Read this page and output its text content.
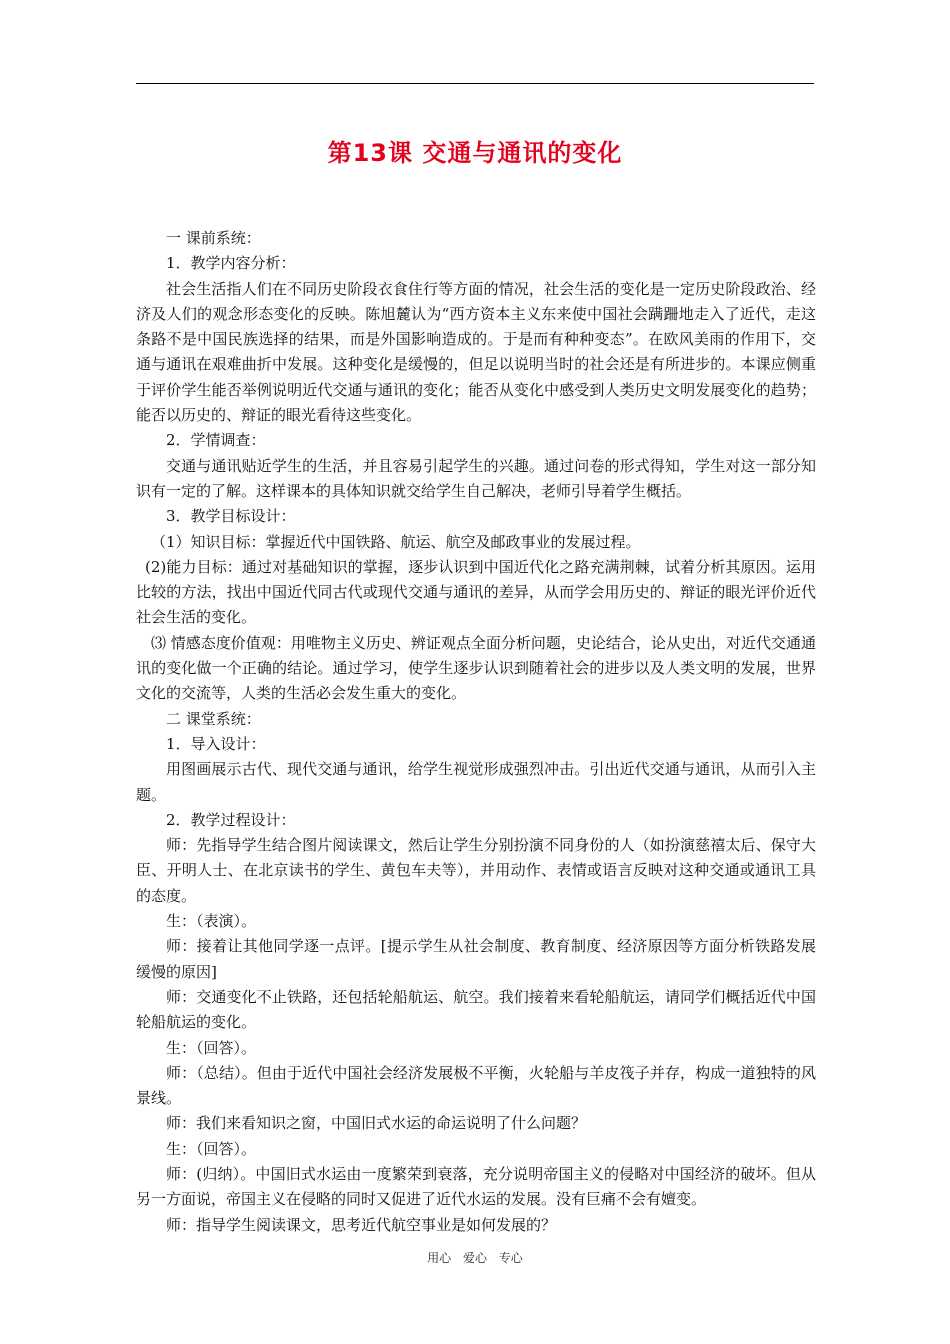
第13课 交通与通讯的变化

一 课前系统：

1．教学内容分析：

社会生活指人们在不同历史阶段衣食住行等方面的情况，社会生活的变化是一定历史阶段政治、经济及人们的观念形态变化的反映。陈旭麓认为“西方资本主义东来使中国社会蹒跚地走入了近代，走这条路不是中国民族选择的结果，而是外国影响造成的。于是而有种种变态”。在欧风美雨的作用下，交通与通讯在艰难曲折中发展。这种变化是缓慢的，但足以说明当时的社会还是有所进步的。本课应侧重于评价学生能否举例说明近代交通与通讯的变化；能否从变化中感受到人类历史文明发展变化的趋势；能否以历史的、辩证的眼光看待这些变化。

2．学情调查：

交通与通讯贴近学生的生活，并且容易引起学生的兴趣。通过问卷的形式得知，学生对这一部分知识有一定的了解。这样课本的具体知识就交给学生自己解决，老师引导着学生概括。

3．教学目标设计：

（1）知识目标：掌握近代中国铁路、航运、航空及邮政事业的发展过程。

(2)能力目标：通过对基础知识的掌握，逐步认识到中国近代化之路充满荆棘，试着分析其原因。运用比较的方法，找出中国近代同古代或现代交通与通讯的差异，从而学会用历史的、辩证的眼光评价近代社会生活的变化。

⑶ 情感态度价值观：用唯物主义历史、辨证观点全面分析问题，史论结合，论从史出，对近代交通通讯的变化做一个正确的结论。通过学习，使学生逐步认识到随着社会的进步以及人类文明的发展，世界文化的交流等，人类的生活必会发生重大的变化。

二 课堂系统：

1．导入设计：

用图画展示古代、现代交通与通讯，给学生视觉形成强烈冲击。引出近代交通与通讯，从而引入主题。

2．教学过程设计：

师：先指导学生结合图片阅读课文，然后让学生分别扮演不同身份的人（如扮演慈禧太后、保守大臣、开明人士、在北京读书的学生、黄包车夫等），并用动作、表情或语言反映对这种交通或通讯工具的态度。

生：（表演）。

师：接着让其他同学逐一点评。[提示学生从社会制度、教育制度、经济原因等方面分析铁路发展缓慢的原因]

师：交通变化不止铁路，还包括轮船航运、航空。我们接着来看轮船航运，请同学们概括近代中国轮船航运的变化。

生：（回答）。

师：（总结）。但由于近代中国社会经济发展极不平衡，火轮船与羊皮筏子并存，构成一道独特的风景线。

师：我们来看知识之窗，中国旧式水运的命运说明了什么问题？

生：（回答）。

师：(归纳）。中国旧式水运由一度繁荣到衰落，充分说明帝国主义的侵略对中国经济的破坏。但从另一方面说，帝国主义在侵略的同时又促进了近代水运的发展。没有巨痛不会有嬗变。

师：指导学生阅读课文，思考近代航空事业是如何发展的？

用心 爱心 专心
